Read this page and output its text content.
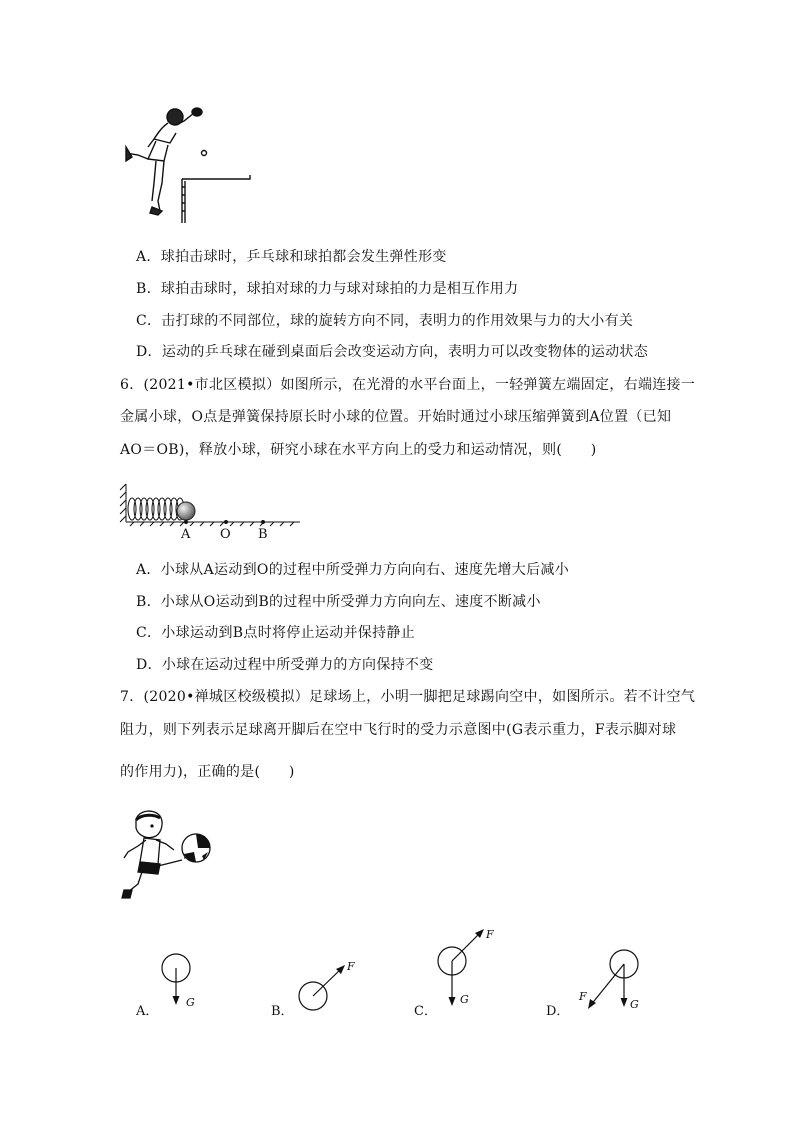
A．球拍击球时，乒乓球和球拍都会发生弹性形变
B．球拍击球时，球拍对球的力与球对球拍的力是相互作用力
C．击打球的不同部位，球的旋转方向不同，表明力的作用效果与力的大小有关
D．运动的乒乓球在碰到桌面后会改变运动方向，表明力可以改变物体的运动状态
6．(2021•市北区模拟）如图所示，在光滑的水平台面上，一轻弹簧左端固定，右端连接一
金属小球，O点是弹簧保持原长时小球的位置。开始时通过小球压缩弹簧到A位置（已知
AO＝OB)，释放小球，研究小球在水平方向上的受力和运动情况，则(　　)
A O B
A．小球从A运动到O的过程中所受弹力方向向右、速度先增大后减小
B．小球从O运动到B的过程中所受弹力方向向左、速度不断减小
C．小球运动到B点时将停止运动并保持静止
D．小球在运动过程中所受弹力的方向保持不变
7．(2020•禅城区校级模拟）足球场上，小明一脚把足球踢向空中，如图所示。若不计空气
阻力，则下列表示足球离开脚后在空中飞行时的受力示意图中(G表示重力，F表示脚对球
的作用力)，正确的是(　　)
A．
G
B．
F
C．
F
G
D．
F
G
